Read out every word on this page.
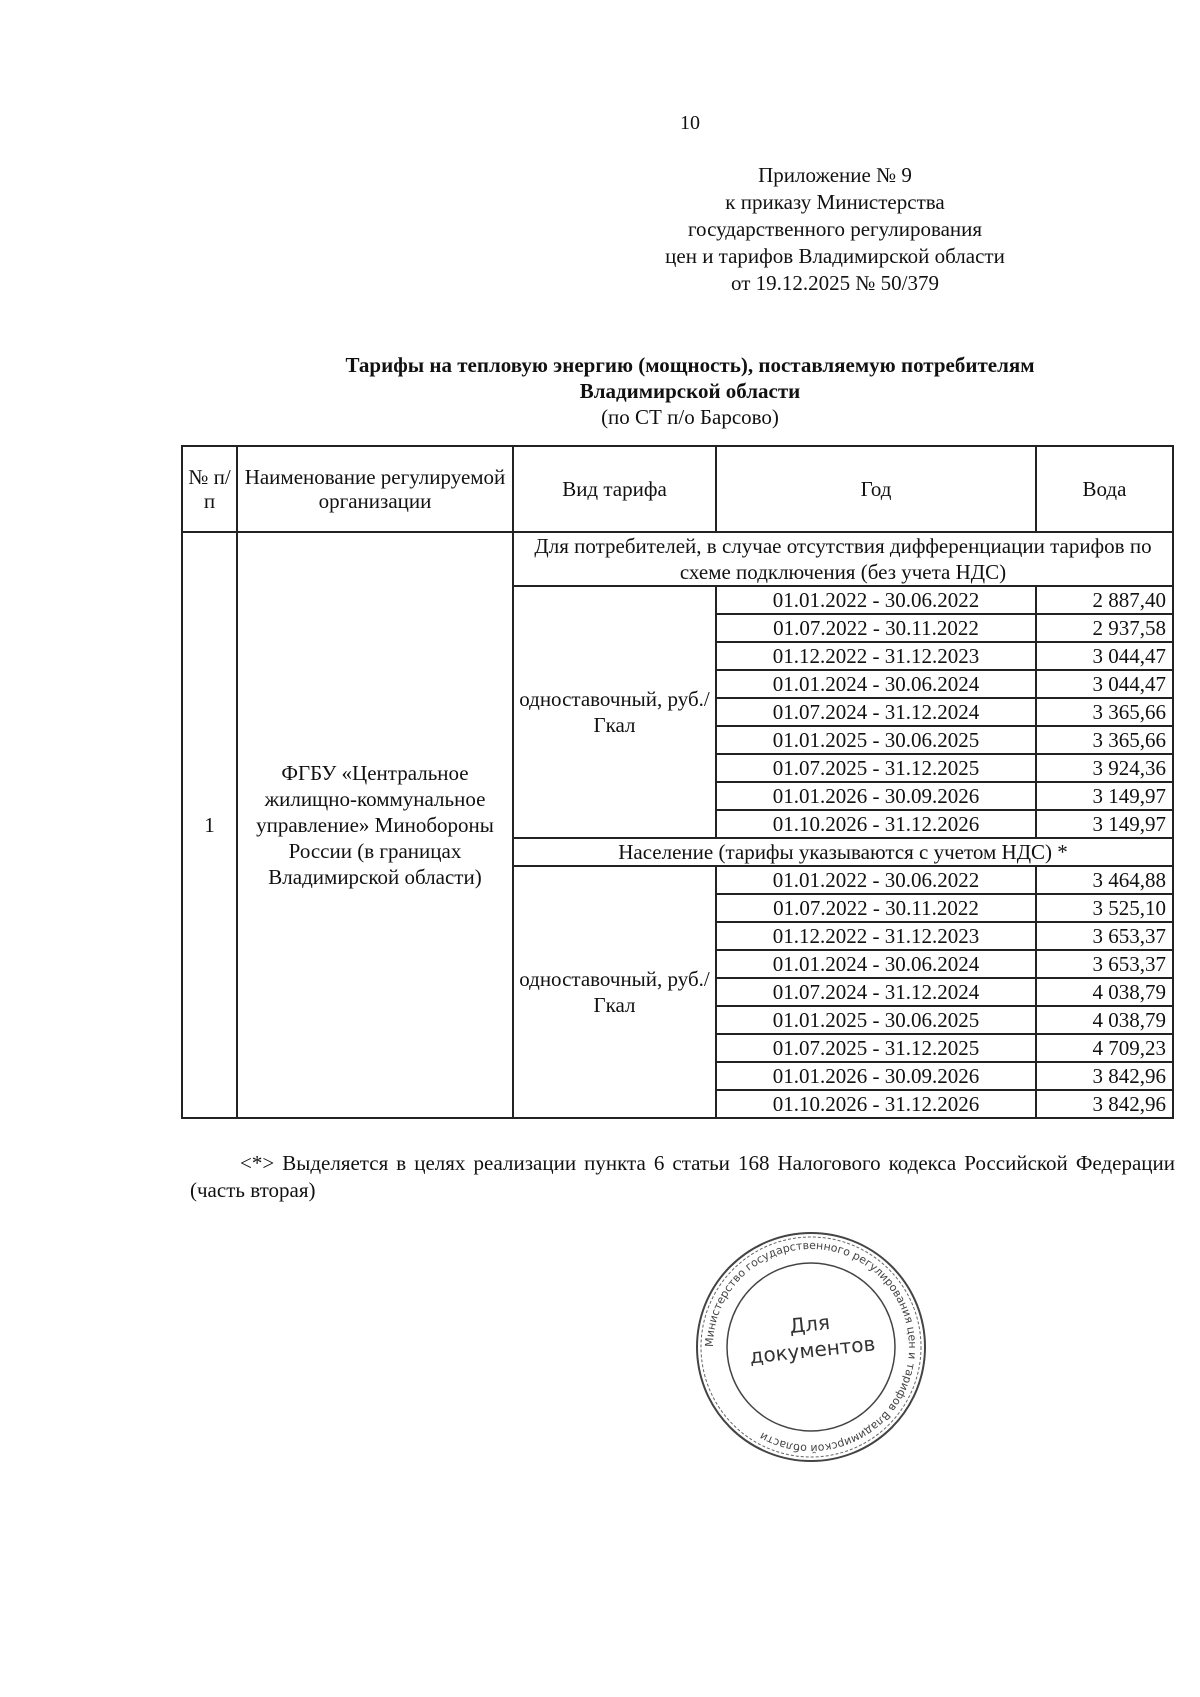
10
Приложение № 9
к приказу Министерства
государственного регулирования
цен и тарифов Владимирской области
от 19.12.2025 № 50/379
Тарифы на тепловую энергию (мощность), поставляемую потребителям
Владимирской области
(по СТ п/о Барсово)
№ п/п	Наименование регулируемой организации	Вид тарифа	Год	Вода
1	ФГБУ «Центральное жилищно-коммунальное управление» Минобороны России (в границах Владимирской области)	Для потребителей, в случае отсутствия дифференциации тарифов по схеме подключения (без учета НДС)		
		одноставочный, руб./Гкал	01.01.2022 - 30.06.2022	2 887,40
			01.07.2022 - 30.11.2022	2 937,58
			01.12.2022 - 31.12.2023	3 044,47
			01.01.2024 - 30.06.2024	3 044,47
			01.07.2024 - 31.12.2024	3 365,66
			01.01.2025 - 30.06.2025	3 365,66
			01.07.2025 - 31.12.2025	3 924,36
			01.01.2026 - 30.09.2026	3 149,97
			01.10.2026 - 31.12.2026	3 149,97
		Население (тарифы указываются с учетом НДС) *		
		одноставочный, руб./Гкал	01.01.2022 - 30.06.2022	3 464,88
			01.07.2022 - 30.11.2022	3 525,10
			01.12.2022 - 31.12.2023	3 653,37
			01.01.2024 - 30.06.2024	3 653,37
			01.07.2024 - 31.12.2024	4 038,79
			01.01.2025 - 30.06.2025	4 038,79
			01.07.2025 - 31.12.2025	4 709,23
			01.01.2026 - 30.09.2026	3 842,96
			01.10.2026 - 31.12.2026	3 842,96
<*> Выделяется в целях реализации пункта 6 статьи 168 Налогового кодекса Российской Федерации (часть вторая)
Министерство государственного регулирования цен и тарифов Владимирской области
Для
документов
